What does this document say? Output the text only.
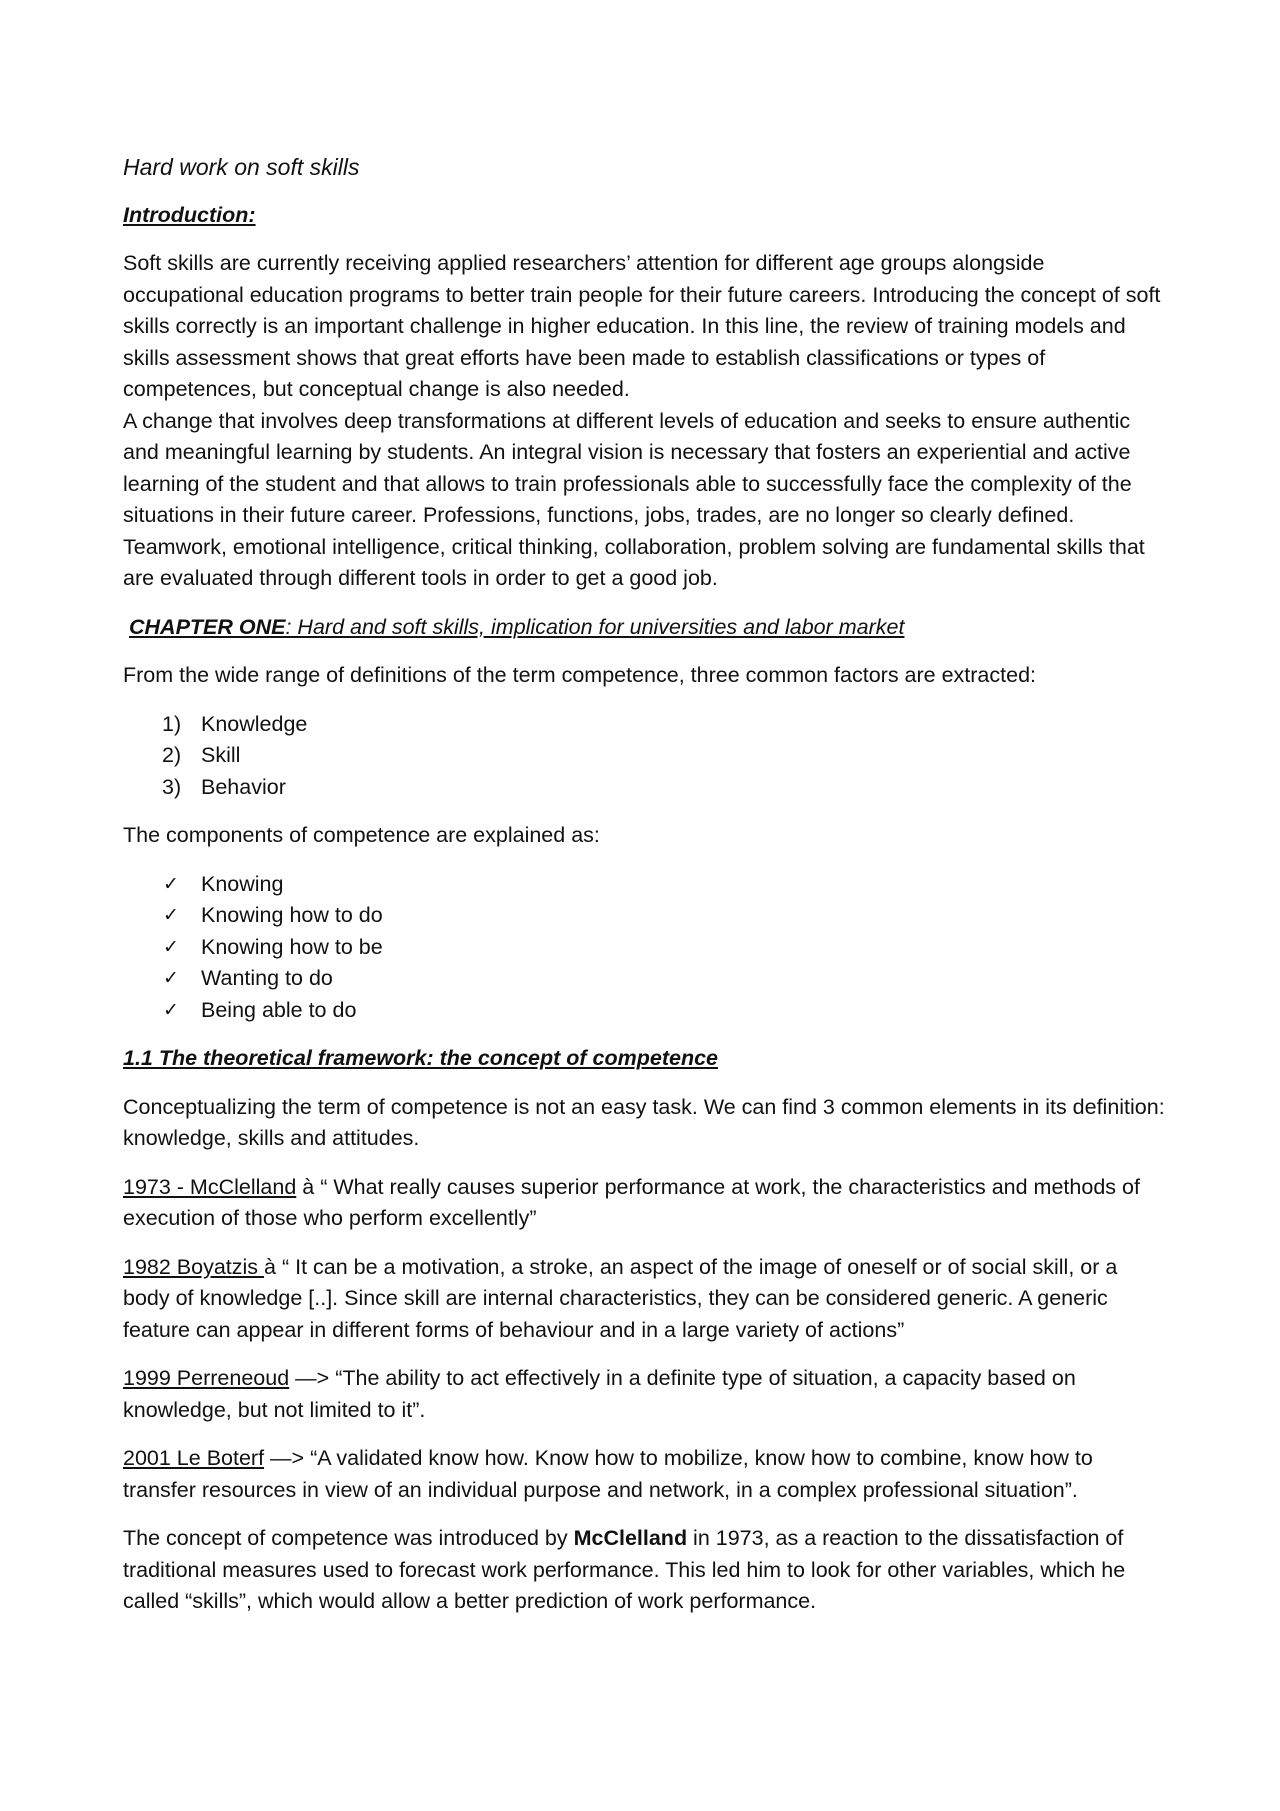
Hard work on soft skills

Introduction:

Soft skills are currently receiving applied researchers’ attention for different age groups alongside occupational education programs to better train people for their future careers. Introducing the concept of soft skills correctly is an important challenge in higher education. In this line, the review of training models and skills assessment shows that great efforts have been made to establish classifications or types of competences, but conceptual change is also needed.
A change that involves deep transformations at different levels of education and seeks to ensure authentic and meaningful learning by students. An integral vision is necessary that fosters an experiential and active learning of the student and that allows to train professionals able to successfully face the complexity of the situations in their future career. Professions, functions, jobs, trades, are no longer so clearly defined. Teamwork, emotional intelligence, critical thinking, collaboration, problem solving are fundamental skills that are evaluated through different tools in order to get a good job.

CHAPTER ONE: Hard and soft skills, implication for universities and labor market

From the wide range of definitions of the term competence, three common factors are extracted:

1) Knowledge
2) Skill
3) Behavior

The components of competence are explained as:

✓	Knowing
✓	Knowing how to do
✓	Knowing how to be
✓	Wanting to do
✓	Being able to do

1.1 The theoretical framework: the concept of competence

Conceptualizing the term of competence is not an easy task. We can find 3 common elements in its definition: knowledge, skills and attitudes.

1973 - McClelland à “ What really causes superior performance at work, the characteristics and methods of execution of those who perform excellently”

1982 Boyatzis à “ It can be a motivation, a stroke, an aspect of the image of oneself or of social skill, or a body of knowledge [..]. Since skill are internal characteristics, they can be considered generic. A generic feature can appear in different forms of behaviour and in a large variety of actions”

1999 Perreneoud —> “The ability to act effectively in a definite type of situation, a capacity based on knowledge, but not limited to it”.

2001 Le Boterf —> “A validated know how. Know how to mobilize, know how to combine, know how to transfer resources in view of an individual purpose and network, in a complex professional situation”.

The concept of competence was introduced by McClelland in 1973, as a reaction to the dissatisfaction of traditional measures used to forecast work performance. This led him to look for other variables, which he called “skills”, which would allow a better prediction of work performance.
